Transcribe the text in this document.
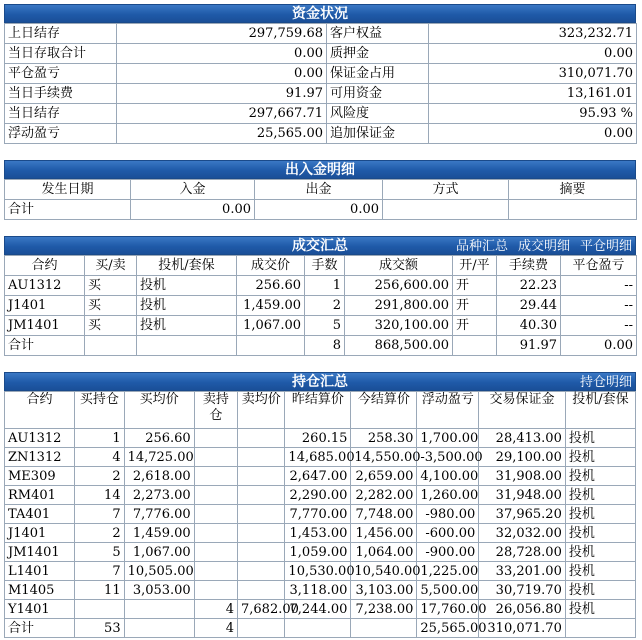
资金状况
上日结存	297,759.68	客户权益	323,232.71
当日存取合计	0.00	质押金	0.00
平仓盈亏	0.00	保证金占用	310,071.70
当日手续费	91.97	可用资金	13,161.01
当日结存	297,667.71	风险度	95.93 %
浮动盈亏	25,565.00	追加保证金	0.00
出入金明细
发生日期	入金	出金	方式	摘要
合计	0.00	0.00		
成交汇总	品种汇总 成交明细 平仓明细
合约	买/卖	投机/套保	成交价	手数	成交额	开/平	手续费	平仓盈亏
AU1312	买	投机	256.60	1	256,600.00	开	22.23	--
J1401	买	投机	1,459.00	2	291,800.00	开	29.44	--
JM1401	买	投机	1,067.00	5	320,100.00	开	40.30	--
合计				8	868,500.00		91.97	0.00
持仓汇总	持仓明细
合约	买持仓	买均价	卖持仓	卖均价	昨结算价	今结算价	浮动盈亏	交易保证金	投机/套保
AU1312	1	256.60			260.15	258.30	1,700.00	28,413.00	投机
ZN1312	4	14,725.00			14,685.00	14,550.00	-3,500.00	29,100.00	投机
ME309	2	2,618.00			2,647.00	2,659.00	4,100.00	31,908.00	投机
RM401	14	2,273.00			2,290.00	2,282.00	1,260.00	31,948.00	投机
TA401	7	7,776.00			7,770.00	7,748.00	-980.00	37,965.20	投机
J1401	2	1,459.00			1,453.00	1,456.00	-600.00	32,032.00	投机
JM1401	5	1,067.00			1,059.00	1,064.00	-900.00	28,728.00	投机
L1401	7	10,505.00			10,530.00	10,540.00	1,225.00	33,201.00	投机
M1405	11	3,053.00			3,118.00	3,103.00	5,500.00	30,719.70	投机
Y1401			4	7,682.00	7,244.00	7,238.00	17,760.00	26,056.80	投机
合计	53		4				25,565.00	310,071.70	
